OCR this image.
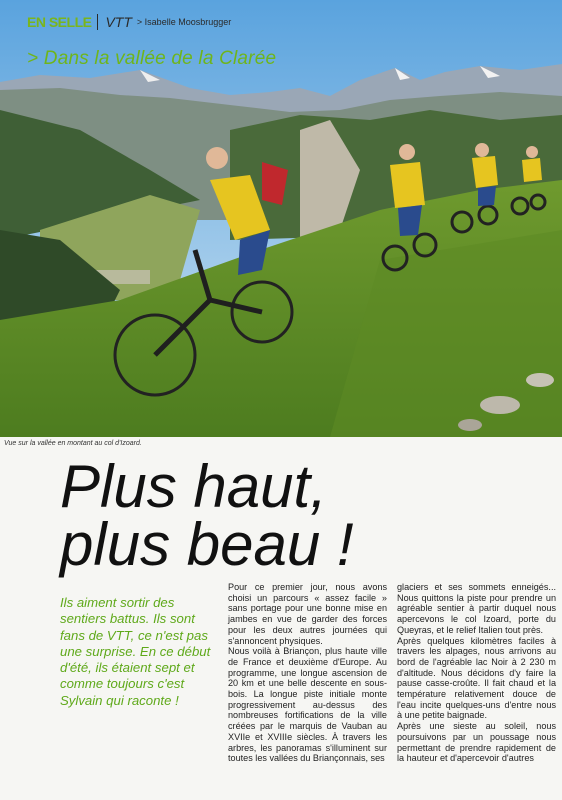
EN SELLE VTT > Isabelle Moosbrugger
> Dans la vallée de la Clarée
Vue sur la vallée en montant au col d'Izoard.
Plus haut,
plus beau !
Ils aiment sortir des sentiers battus. Ils sont fans de VTT, ce n'est pas une surprise. En ce début d'été, ils étaient sept et comme toujours c'est Sylvain qui raconte !

Pour ce premier jour, nous avons choisi un parcours « assez facile » sans portage pour une bonne mise en jambes en vue de garder des forces pour les deux autres journées qui s'annoncent physiques.

Nous voilà à Briançon, plus haute ville de France et deuxième d'Europe. Au programme, une longue ascension de 20 km et une belle descente en sous-bois. La longue piste initiale monte progressivement au-dessus des nombreuses fortifications de la ville créées par le marquis de Vauban au XVIIe et XVIIIe siècles. À travers les arbres, les panoramas s'illuminent sur toutes les vallées du Briançonnais, ses

glaciers et ses sommets enneigés... Nous quittons la piste pour prendre un agréable sentier à partir duquel nous apercevons le col Izoard, porte du Queyras, et le relief Italien tout près.

Après quelques kilomètres faciles à travers les alpages, nous arrivons au bord de l'agréable lac Noir à 2 230 m d'altitude. Nous décidons d'y faire la pause casse-croûte. Il fait chaud et la température relativement douce de l'eau incite quelques-uns d'entre nous à une petite baignade.

Après une sieste au soleil, nous poursuivons par un poussage nous permettant de prendre rapidement de la hauteur et d'apercevoir d'autres
